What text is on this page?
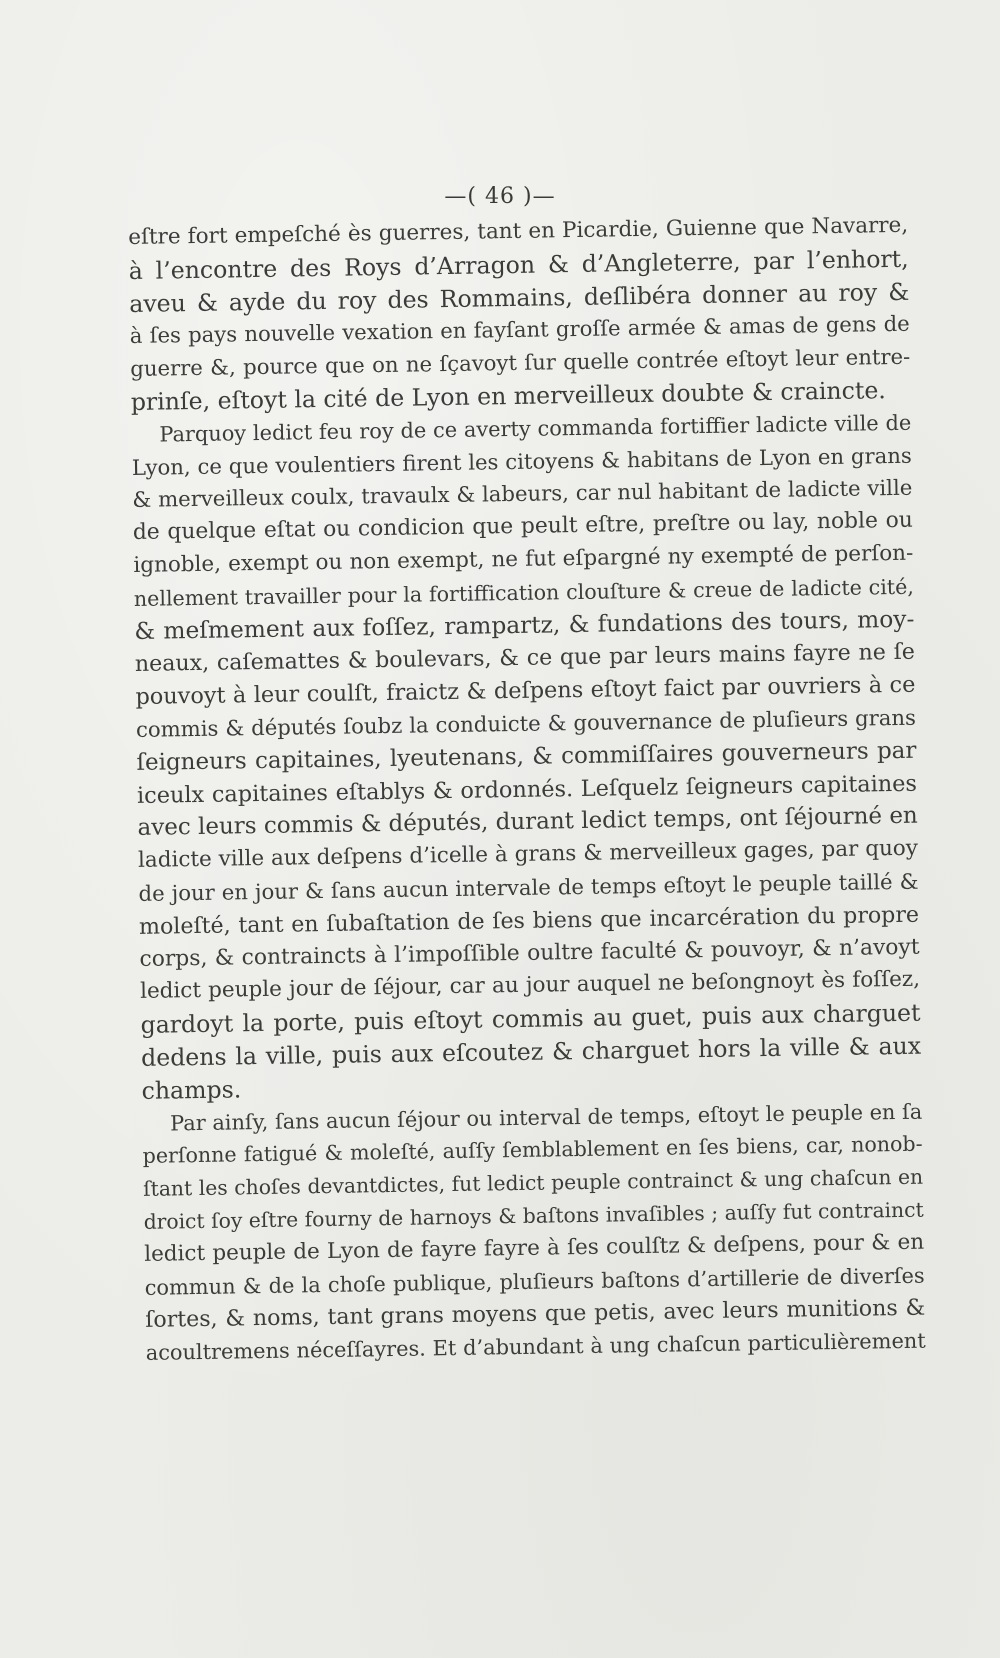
—( 46 )—
eſtre fort empeſché ès guerres, tant en Picardie, Guienne que Navarre,
à l’encontre des Roys d’Arragon & d’Angleterre, par l’enhort,
aveu & ayde du roy des Rommains, deſlibéra donner au roy &
à ſes pays nouvelle vexation en fayſant groſſe armée & amas de gens de
guerre &, pource que on ne ſçavoyt ſur quelle contrée eſtoyt leur entre-
prinſe, eſtoyt la cité de Lyon en merveilleux doubte & craincte.
Parquoy ledict feu roy de ce averty commanda fortiffier ladicte ville de
Lyon, ce que voulentiers firent les citoyens & habitans de Lyon en grans
& merveilleux coulx, travaulx & labeurs, car nul habitant de ladicte ville
de quelque eſtat ou condicion que peult eſtre, preſtre ou lay, noble ou
ignoble, exempt ou non exempt, ne fut eſpargné ny exempté de perſon-
nellement travailler pour la fortiffication clouſture & creue de ladicte cité,
& meſmement aux foſſez, rampartz, & fundations des tours, moy-
neaux, caſemattes & boulevars, & ce que par leurs mains fayre ne ſe
pouvoyt à leur coulſt, fraictz & deſpens eſtoyt faict par ouvriers à ce
commis & députés ſoubz la conduicte & gouvernance de pluſieurs grans
ſeigneurs capitaines, lyeutenans, & commiſſaires gouverneurs par
iceulx capitaines eſtablys & ordonnés. Leſquelz ſeigneurs capitaines
avec leurs commis & députés, durant ledict temps, ont ſéjourné en
ladicte ville aux deſpens d’icelle à grans & merveilleux gages, par quoy
de jour en jour & ſans aucun intervale de temps eſtoyt le peuple taillé &
moleſté, tant en ſubaſtation de ſes biens que incarcération du propre
corps, & contraincts à l’impoſſible oultre faculté & pouvoyr, & n’avoyt
ledict peuple jour de ſéjour, car au jour auquel ne beſongnoyt ès foſſez,
gardoyt la porte, puis eſtoyt commis au guet, puis aux charguet
dedens la ville, puis aux eſcoutez & charguet hors la ville & aux
champs.
Par ainſy, ſans aucun ſéjour ou interval de temps, eſtoyt le peuple en ſa
perſonne fatigué & moleſté, auſſy ſemblablement en ſes biens, car, nonob-
ſtant les choſes devantdictes, fut ledict peuple contrainct & ung chaſcun en
droict ſoy eſtre fourny de harnoys & baſtons invaſibles ; auſſy fut contrainct
ledict peuple de Lyon de fayre fayre à ſes coulſtz & deſpens, pour & en
commun & de la choſe publique, pluſieurs baſtons d’artillerie de diverſes
ſortes, & noms, tant grans moyens que petis, avec leurs munitions &
acoultremens néceſſayres. Et d’abundant à ung chaſcun particulièrement
